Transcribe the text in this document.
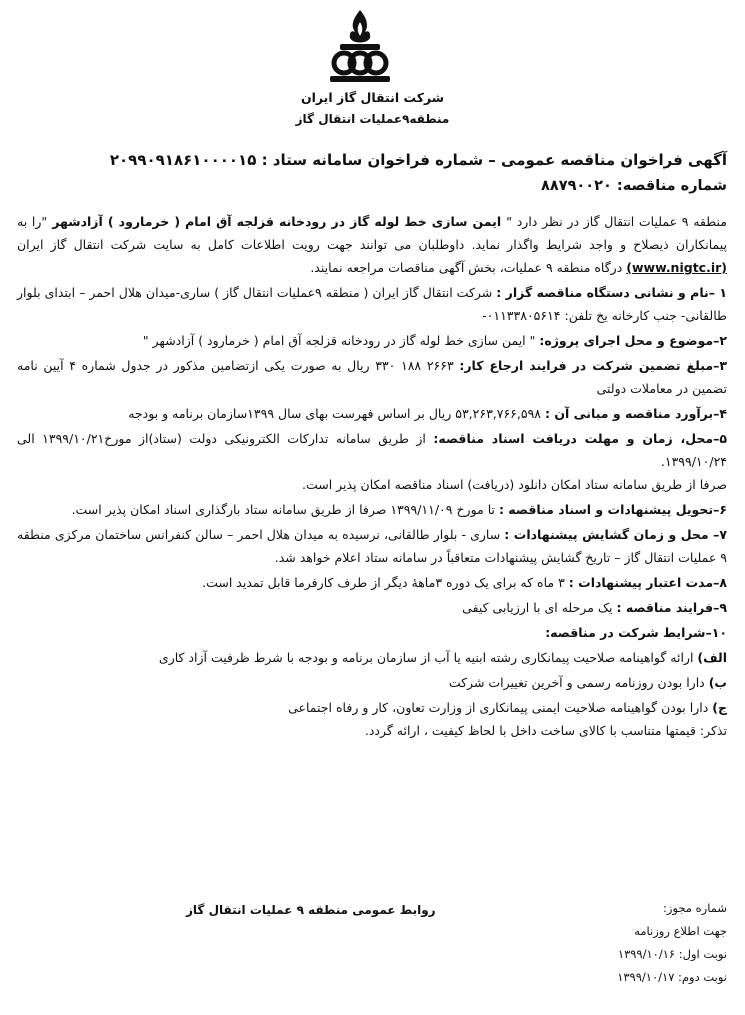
شرکت انتقال گاز ایران
منطقه۹عملیات انتقال گاز
آگهی فراخوان مناقصه عمومی – شماره فراخوان سامانه ستاد : ۲۰۹۹۰۹۱۸۶۱۰۰۰۰۱۵
شماره مناقصه: ۸۸۷۹۰۰۲۰

منطقه ۹ عملیات انتقال گاز در نظر دارد " ایمن سازی خط لوله گاز در رودخانه قزلجه آق امام ( خرمارود ) آزادشهر "را به پیمانکاران ذیصلاح و واجد شرایط واگذار نماید. داوطلبان می توانند جهت رویت اطلاعات کامل به سایت شرکت انتقال گاز ایران (www.nigtc.ir) درگاه منطقه ۹ عملیات، بخش آگهی مناقصات مراجعه نمایند.

۱ –نام و نشانی دستگاه مناقصه گزار : شرکت انتقال گاز ایران ( منطقه ۹عملیات انتقال گاز ) ساری-میدان هلال احمر – ابتدای بلوار طالقانی- جنب کارخانه یخ تلفن: ۰۱۱۳۳۸۰۵۶۱۴-

۲–موضوع و محل اجرای پروژه: " ایمن سازی خط لوله گاز در رودخانه قزلجه آق امام ( خرمارود ) آزادشهر "

۳–مبلغ تضمین شرکت در فرایند ارجاع کار: ۲۶۶۳ ۱۸۸ ۳۳۰ ریال به صورت یکی ازتضامین مذکور در جدول شماره ۴ آیین نامه تضمین در معاملات دولتی

۴–برآورد مناقصه و مبانی آن : ۵۳,۲۶۳,۷۶۶,۵۹۸ ریال بر اساس فهرست بهای سال ۱۳۹۹سازمان برنامه و بودجه

۵–محل، زمان و مهلت دریافت اسناد مناقصه: از طریق سامانه تدارکات الکترونیکی دولت (ستاد)از مورخ۱۳۹۹/۱۰/۲۱ الی ۱۳۹۹/۱۰/۲۴.

صرفا از طریق سامانه ستاد امکان دانلود (دریافت) اسناد مناقصه امکان پذیر است.

۶–تحویل پیشنهادات و اسناد مناقصه : تا مورخ ۱۳۹۹/۱۱/۰۹ صرفا از طریق سامانه ستاد بارگذاری اسناد امکان پذیر است.

۷– محل و زمان گشایش پیشنهادات : ساری - بلوار طالقانی، نرسیده به میدان هلال احمر – سالن کنفرانس ساختمان مرکزی منطقه ۹ عملیات انتقال گاز – تاریخ گشایش پیشنهادات متعاقباً در سامانه ستاد اعلام خواهد شد.

۸–مدت اعتبار پیشنهادات : ۳ ماه که برای یک دوره ۳ماهۀ دیگر از طرف کارفرما قابل تمدید است.

۹–فرایند مناقصه : یک مرحله ای با ارزیابی کیفی

۱۰–شرایط شرکت در مناقصه:

الف) ارائه گواهینامه صلاحیت پیمانکاری رشته ابنیه یا آب از سازمان برنامه و بودجه با شرط ظرفیت آزاد کاری

ب) دارا بودن روزنامه رسمی و آخرین تغییرات شرکت

ج) دارا بودن گواهینامه صلاحیت ایمنی پیمانکاری از وزارت تعاون، کار و رفاه اجتماعی

تذکر: قیمتها متناسب با کالای ساخت داخل با لحاظ کیفیت ، ارائه گردد.

روابط عمومی منطقه ۹ عملیات انتقال گاز	شماره مجوز:
جهت اطلاع روزنامه
نوبت اول: ۱۳۹۹/۱۰/۱۶
نوبت دوم: ۱۳۹۹/۱۰/۱۷
